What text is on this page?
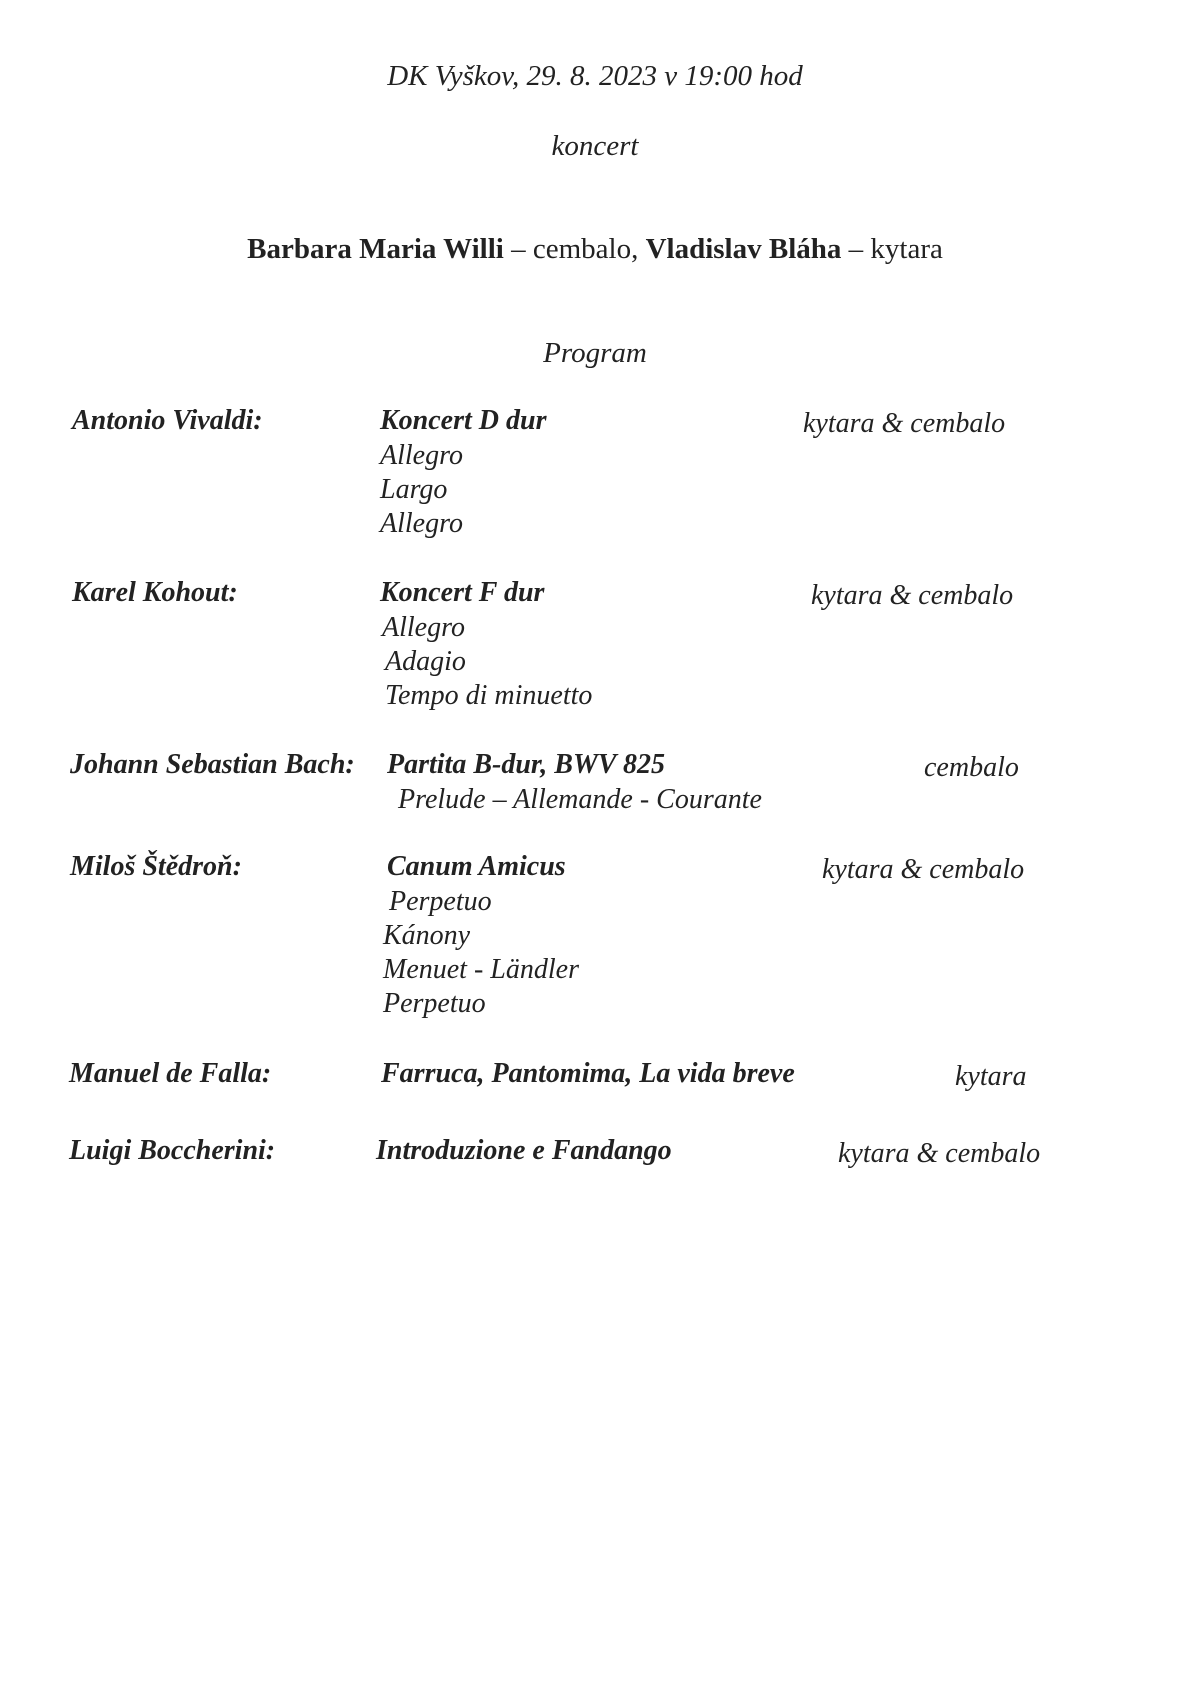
DK Vyškov, 29. 8. 2023 v 19:00 hod
koncert
Barbara Maria Willi – cembalo, Vladislav Bláha – kytara
Program
Antonio Vivaldi:	Koncert D dur	kytara & cembalo
Allegro
Largo
Allegro
Karel Kohout:	Koncert F dur	kytara & cembalo
Allegro
Adagio
Tempo di minuetto
Johann Sebastian Bach: Partita B-dur, BWV 825	cembalo
Prelude – Allemande - Courante
Miloš Štědroň:	Canum Amicus	kytara & cembalo
Perpetuo
Kánony
Menuet - Ländler
Perpetuo
Manuel de Falla:	Farruca, Pantomima, La vida breve	kytara
Luigi Boccherini:	Introduzione e Fandango	kytara & cembalo
